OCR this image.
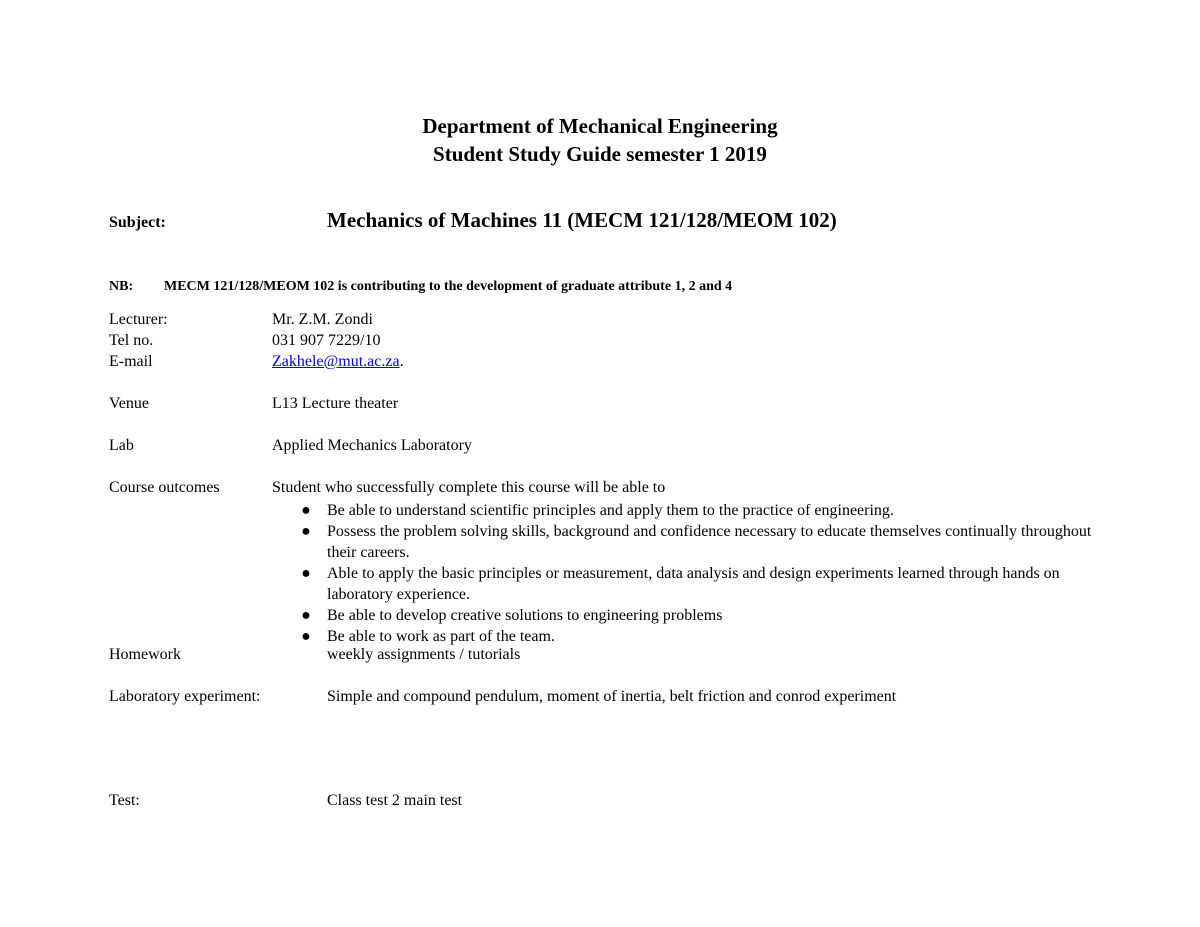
Department of Mechanical Engineering
Student Study Guide semester 1 2019
Subject:	Mechanics of Machines 11 (MECM 121/128/MEOM 102)
NB: MECM 121/128/MEOM 102 is contributing to the development of graduate attribute 1, 2 and 4
Lecturer:	Mr. Z.M. Zondi
Tel no.	031 907 7229/10
E-mail	Zakhele@mut.ac.za.
Venue	L13 Lecture theater
Lab	Applied Mechanics Laboratory
Course outcomes	Student who successfully complete this course will be able to
● Be able to understand scientific principles and apply them to the practice of engineering.
● Possess the problem solving skills, background and confidence necessary to educate themselves continually throughout their careers.
● Able to apply the basic principles or measurement, data analysis and design experiments learned through hands on laboratory experience.
● Be able to develop creative solutions to engineering problems
● Be able to work as part of the team.
Homework	weekly assignments / tutorials
Laboratory experiment:	Simple and compound pendulum, moment of inertia, belt friction and conrod experiment
Test:	Class test 2 main test
